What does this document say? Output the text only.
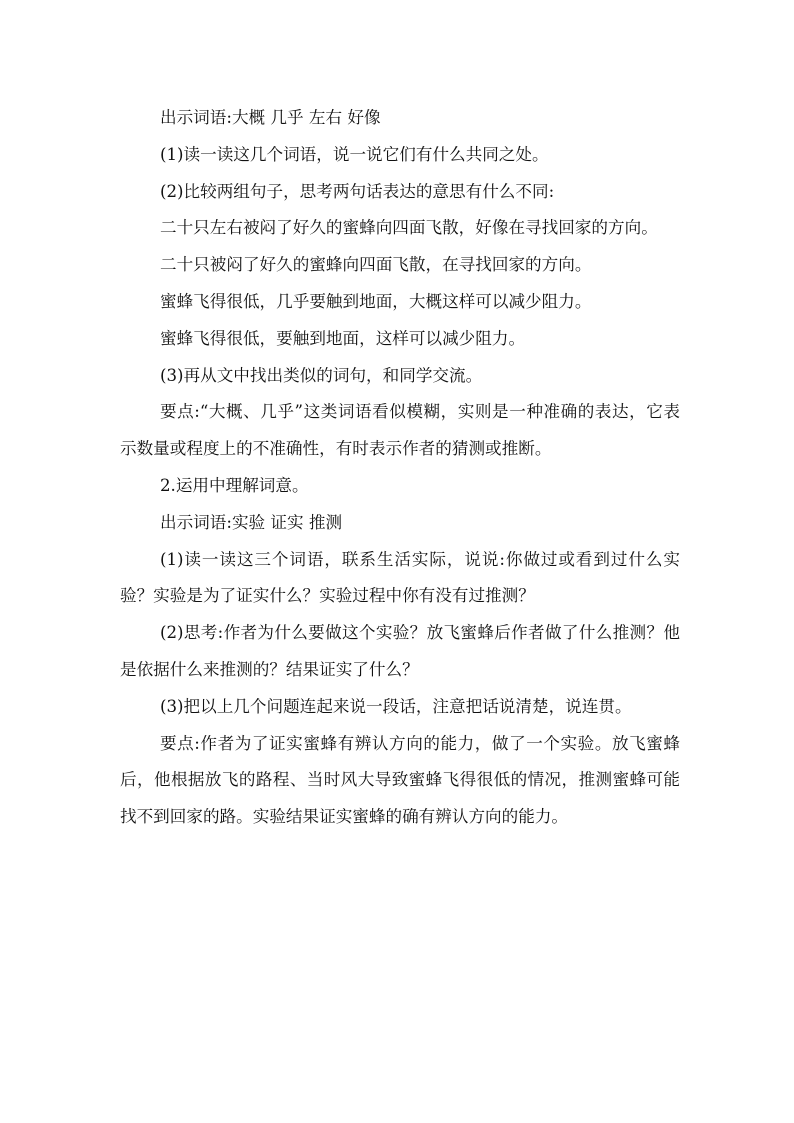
出示词语:大概 几乎 左右 好像

(1)读一读这几个词语，说一说它们有什么共同之处。

(2)比较两组句子，思考两句话表达的意思有什么不同:

二十只左右被闷了好久的蜜蜂向四面飞散，好像在寻找回家的方向。

二十只被闷了好久的蜜蜂向四面飞散，在寻找回家的方向。

蜜蜂飞得很低，几乎要触到地面，大概这样可以减少阻力。

蜜蜂飞得很低，要触到地面，这样可以减少阻力。

(3)再从文中找出类似的词句，和同学交流。

要点:“大概、几乎”这类词语看似模糊，实则是一种准确的表达，它表示数量或程度上的不准确性，有时表示作者的猜测或推断。

2.运用中理解词意。

出示词语:实验 证实 推测

(1)读一读这三个词语，联系生活实际，说说:你做过或看到过什么实验？实验是为了证实什么？实验过程中你有没有过推测？

(2)思考:作者为什么要做这个实验？放飞蜜蜂后作者做了什么推测？他是依据什么来推测的？结果证实了什么？

(3)把以上几个问题连起来说一段话，注意把话说清楚，说连贯。

要点:作者为了证实蜜蜂有辨认方向的能力，做了一个实验。放飞蜜蜂后，他根据放飞的路程、当时风大导致蜜蜂飞得很低的情况，推测蜜蜂可能找不到回家的路。实验结果证实蜜蜂的确有辨认方向的能力。
